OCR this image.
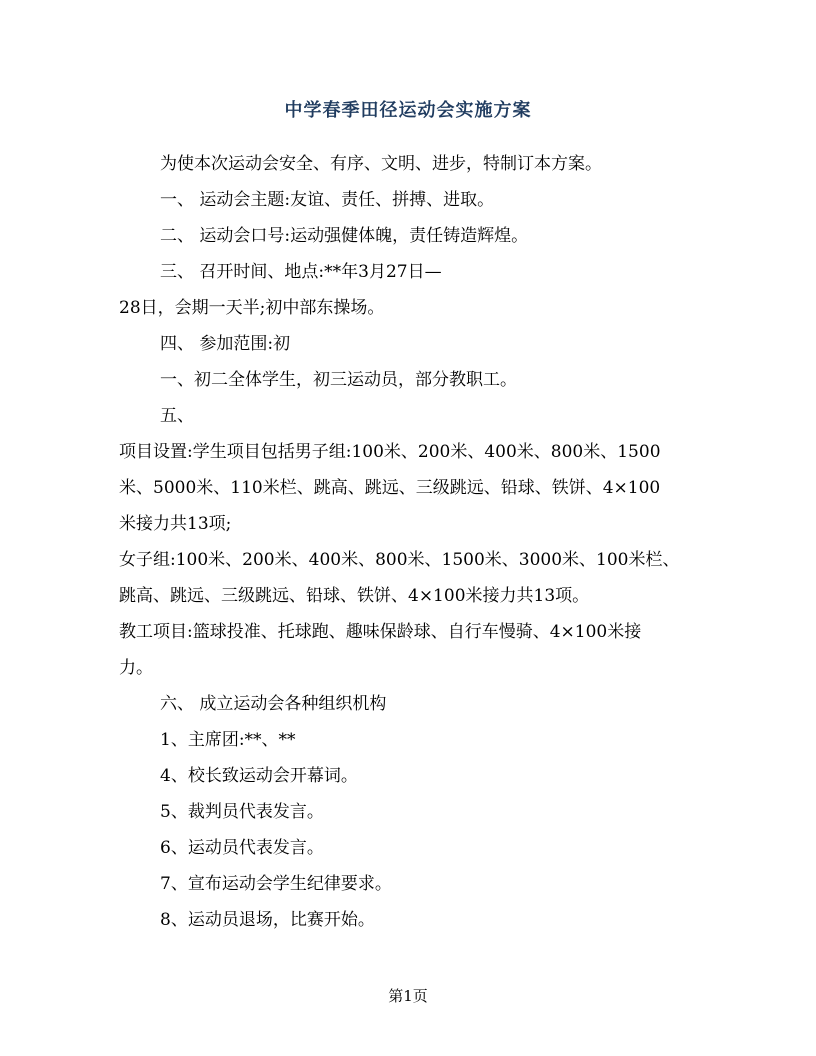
中学春季田径运动会实施方案
为使本次运动会安全、有序、文明、进步，特制订本方案。
一、 运动会主题:友谊、责任、拼搏、进取。
二、 运动会口号:运动强健体魄，责任铸造辉煌。
三、 召开时间、地点:**年3月27日—
28日，会期一天半;初中部东操场。
四、 参加范围:初
一、初二全体学生，初三运动员，部分教职工。
五、
项目设置:学生项目包括男子组:100米、200米、400米、800米、1500
米、5000米、110米栏、跳高、跳远、三级跳远、铅球、铁饼、4×100
米接力共13项;
女子组:100米、200米、400米、800米、1500米、3000米、100米栏、
跳高、跳远、三级跳远、铅球、铁饼、4×100米接力共13项。
教工项目:篮球投准、托球跑、趣味保龄球、自行车慢骑、4×100米接
力。
六、 成立运动会各种组织机构
1、主席团:**、**
4、校长致运动会开幕词。
5、裁判员代表发言。
6、运动员代表发言。
7、宣布运动会学生纪律要求。
8、运动员退场，比赛开始。
第1页
